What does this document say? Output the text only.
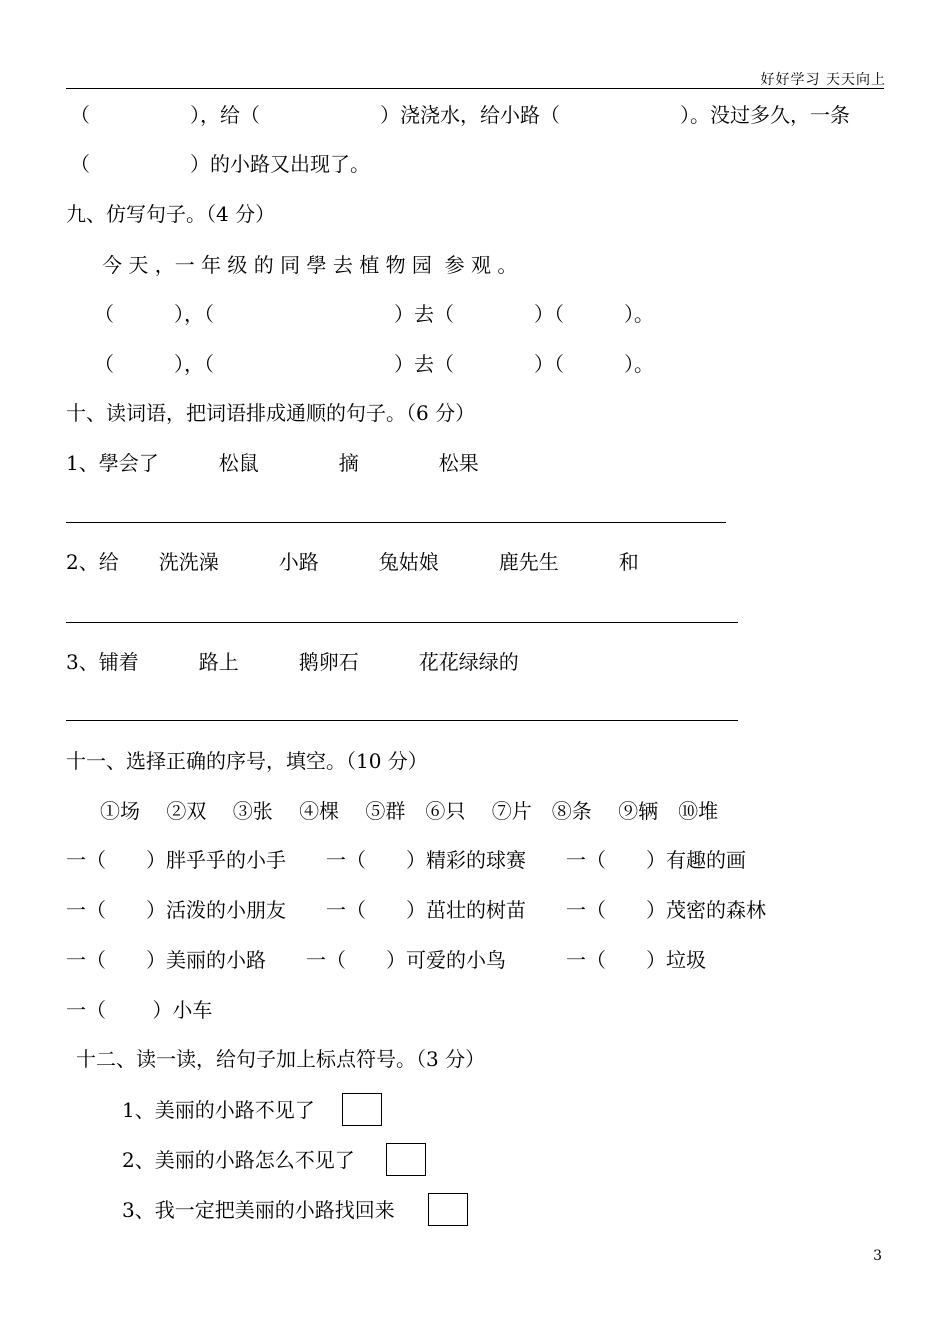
好好学习 天天向上
（　　　　　），给（　　　　　　）浇浇水，给小路（　　　　　　）。没过多久，一条
（　　　　　）的小路又出现了。
九、仿写句子。（4 分）
今 天 ，一 年 级 的 同 學 去 植 物 园  参 观 。
（　　　），（　　　　　　　　　）去（　　　　）（　　　）。
（　　　），（　　　　　　　　　）去（　　　　）（　　　）。
十、读词语，把词语排成通顺的句子。（6 分）
1、學会了　　　松鼠　　　　摘　　　　松果
2、给　　洗洗澡　　　小路　　　兔姑娘　　　鹿先生　　　和
3、铺着　　　路上　　　鹅卵石　　　花花绿绿的
十一、选择正确的序号，填空。（10 分）
①场　 ②双　 ③张　 ④棵　 ⑤群　⑥只　 ⑦片　⑧条　 ⑨辆　⑩堆
一（　　）胖乎乎的小手　　一（　　）精彩的球赛　　一（　　）有趣的画
一（　　）活泼的小朋友　　一（　　）茁壮的树苗　　一（　　）茂密的森林
一（　　）美丽的小路　　一（　　）可爱的小鸟　　　一（　　）垃圾
一（　　 ）小车
十二、读一读，给句子加上标点符号。（3 分）
1、美丽的小路不见了
2、美丽的小路怎么不见了
3、我一定把美丽的小路找回来
3
